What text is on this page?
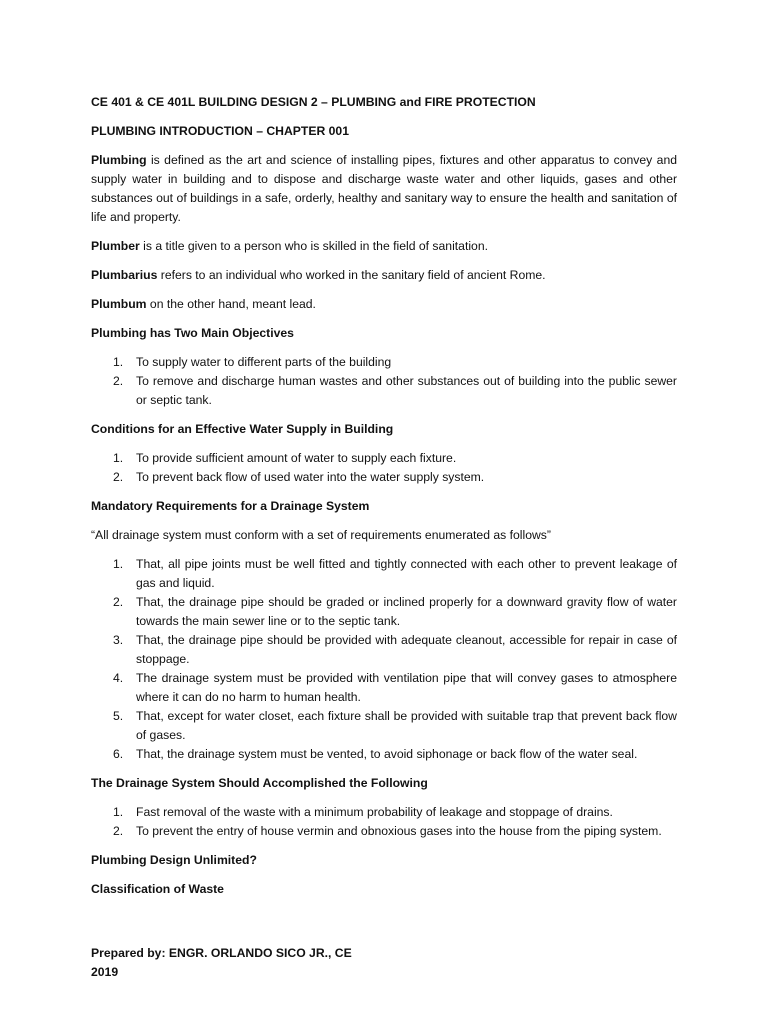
CE 401 & CE 401L BUILDING DESIGN 2 – PLUMBING and FIRE PROTECTION

PLUMBING INTRODUCTION – CHAPTER 001

Plumbing is defined as the art and science of installing pipes, fixtures and other apparatus to convey and supply water in building and to dispose and discharge waste water and other liquids, gases and other substances out of buildings in a safe, orderly, healthy and sanitary way to ensure the health and sanitation of life and property.

Plumber is a title given to a person who is skilled in the field of sanitation.

Plumbarius refers to an individual who worked in the sanitary field of ancient Rome.

Plumbum on the other hand, meant lead.

Plumbing has Two Main Objectives

1. To supply water to different parts of the building
2. To remove and discharge human wastes and other substances out of building into the public sewer or septic tank.

Conditions for an Effective Water Supply in Building

1. To provide sufficient amount of water to supply each fixture.
2. To prevent back flow of used water into the water supply system.

Mandatory Requirements for a Drainage System

“All drainage system must conform with a set of requirements enumerated as follows”

1. That, all pipe joints must be well fitted and tightly connected with each other to prevent leakage of gas and liquid.
2. That, the drainage pipe should be graded or inclined properly for a downward gravity flow of water towards the main sewer line or to the septic tank.
3. That, the drainage pipe should be provided with adequate cleanout, accessible for repair in case of stoppage.
4. The drainage system must be provided with ventilation pipe that will convey gases to atmosphere where it can do no harm to human health.
5. That, except for water closet, each fixture shall be provided with suitable trap that prevent back flow of gases.
6. That, the drainage system must be vented, to avoid siphonage or back flow of the water seal.

The Drainage System Should Accomplished the Following

1. Fast removal of the waste with a minimum probability of leakage and stoppage of drains.
2. To prevent the entry of house vermin and obnoxious gases into the house from the piping system.

Plumbing Design Unlimited?

Classification of Waste

Prepared by: ENGR. ORLANDO SICO JR., CE
2019
